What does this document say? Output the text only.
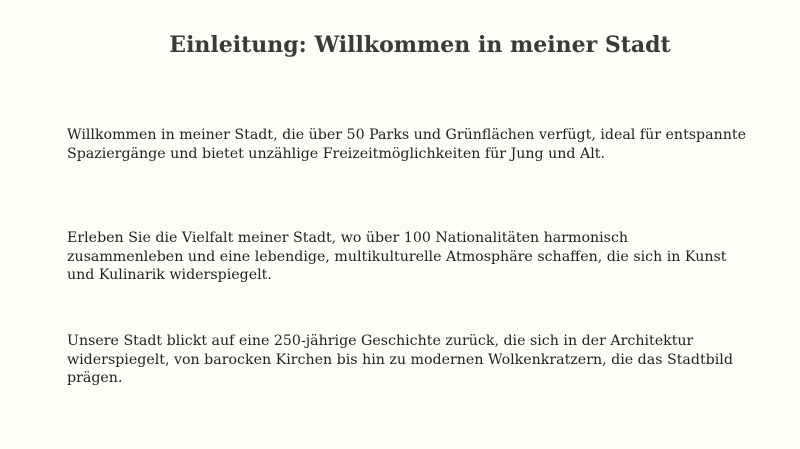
Einleitung: Willkommen in meiner Stadt
Willkommen in meiner Stadt, die über 50 Parks und Grünflächen verfügt, ideal für entspannte Spaziergänge und bietet unzählige Freizeitmöglichkeiten für Jung und Alt.
Erleben Sie die Vielfalt meiner Stadt, wo über 100 Nationalitäten harmonisch zusammenleben und eine lebendige, multikulturelle Atmosphäre schaffen, die sich in Kunst und Kulinarik widerspiegelt.
Unsere Stadt blickt auf eine 250-jährige Geschichte zurück, die sich in der Architektur widerspiegelt, von barocken Kirchen bis hin zu modernen Wolkenkratzern, die das Stadtbild prägen.
